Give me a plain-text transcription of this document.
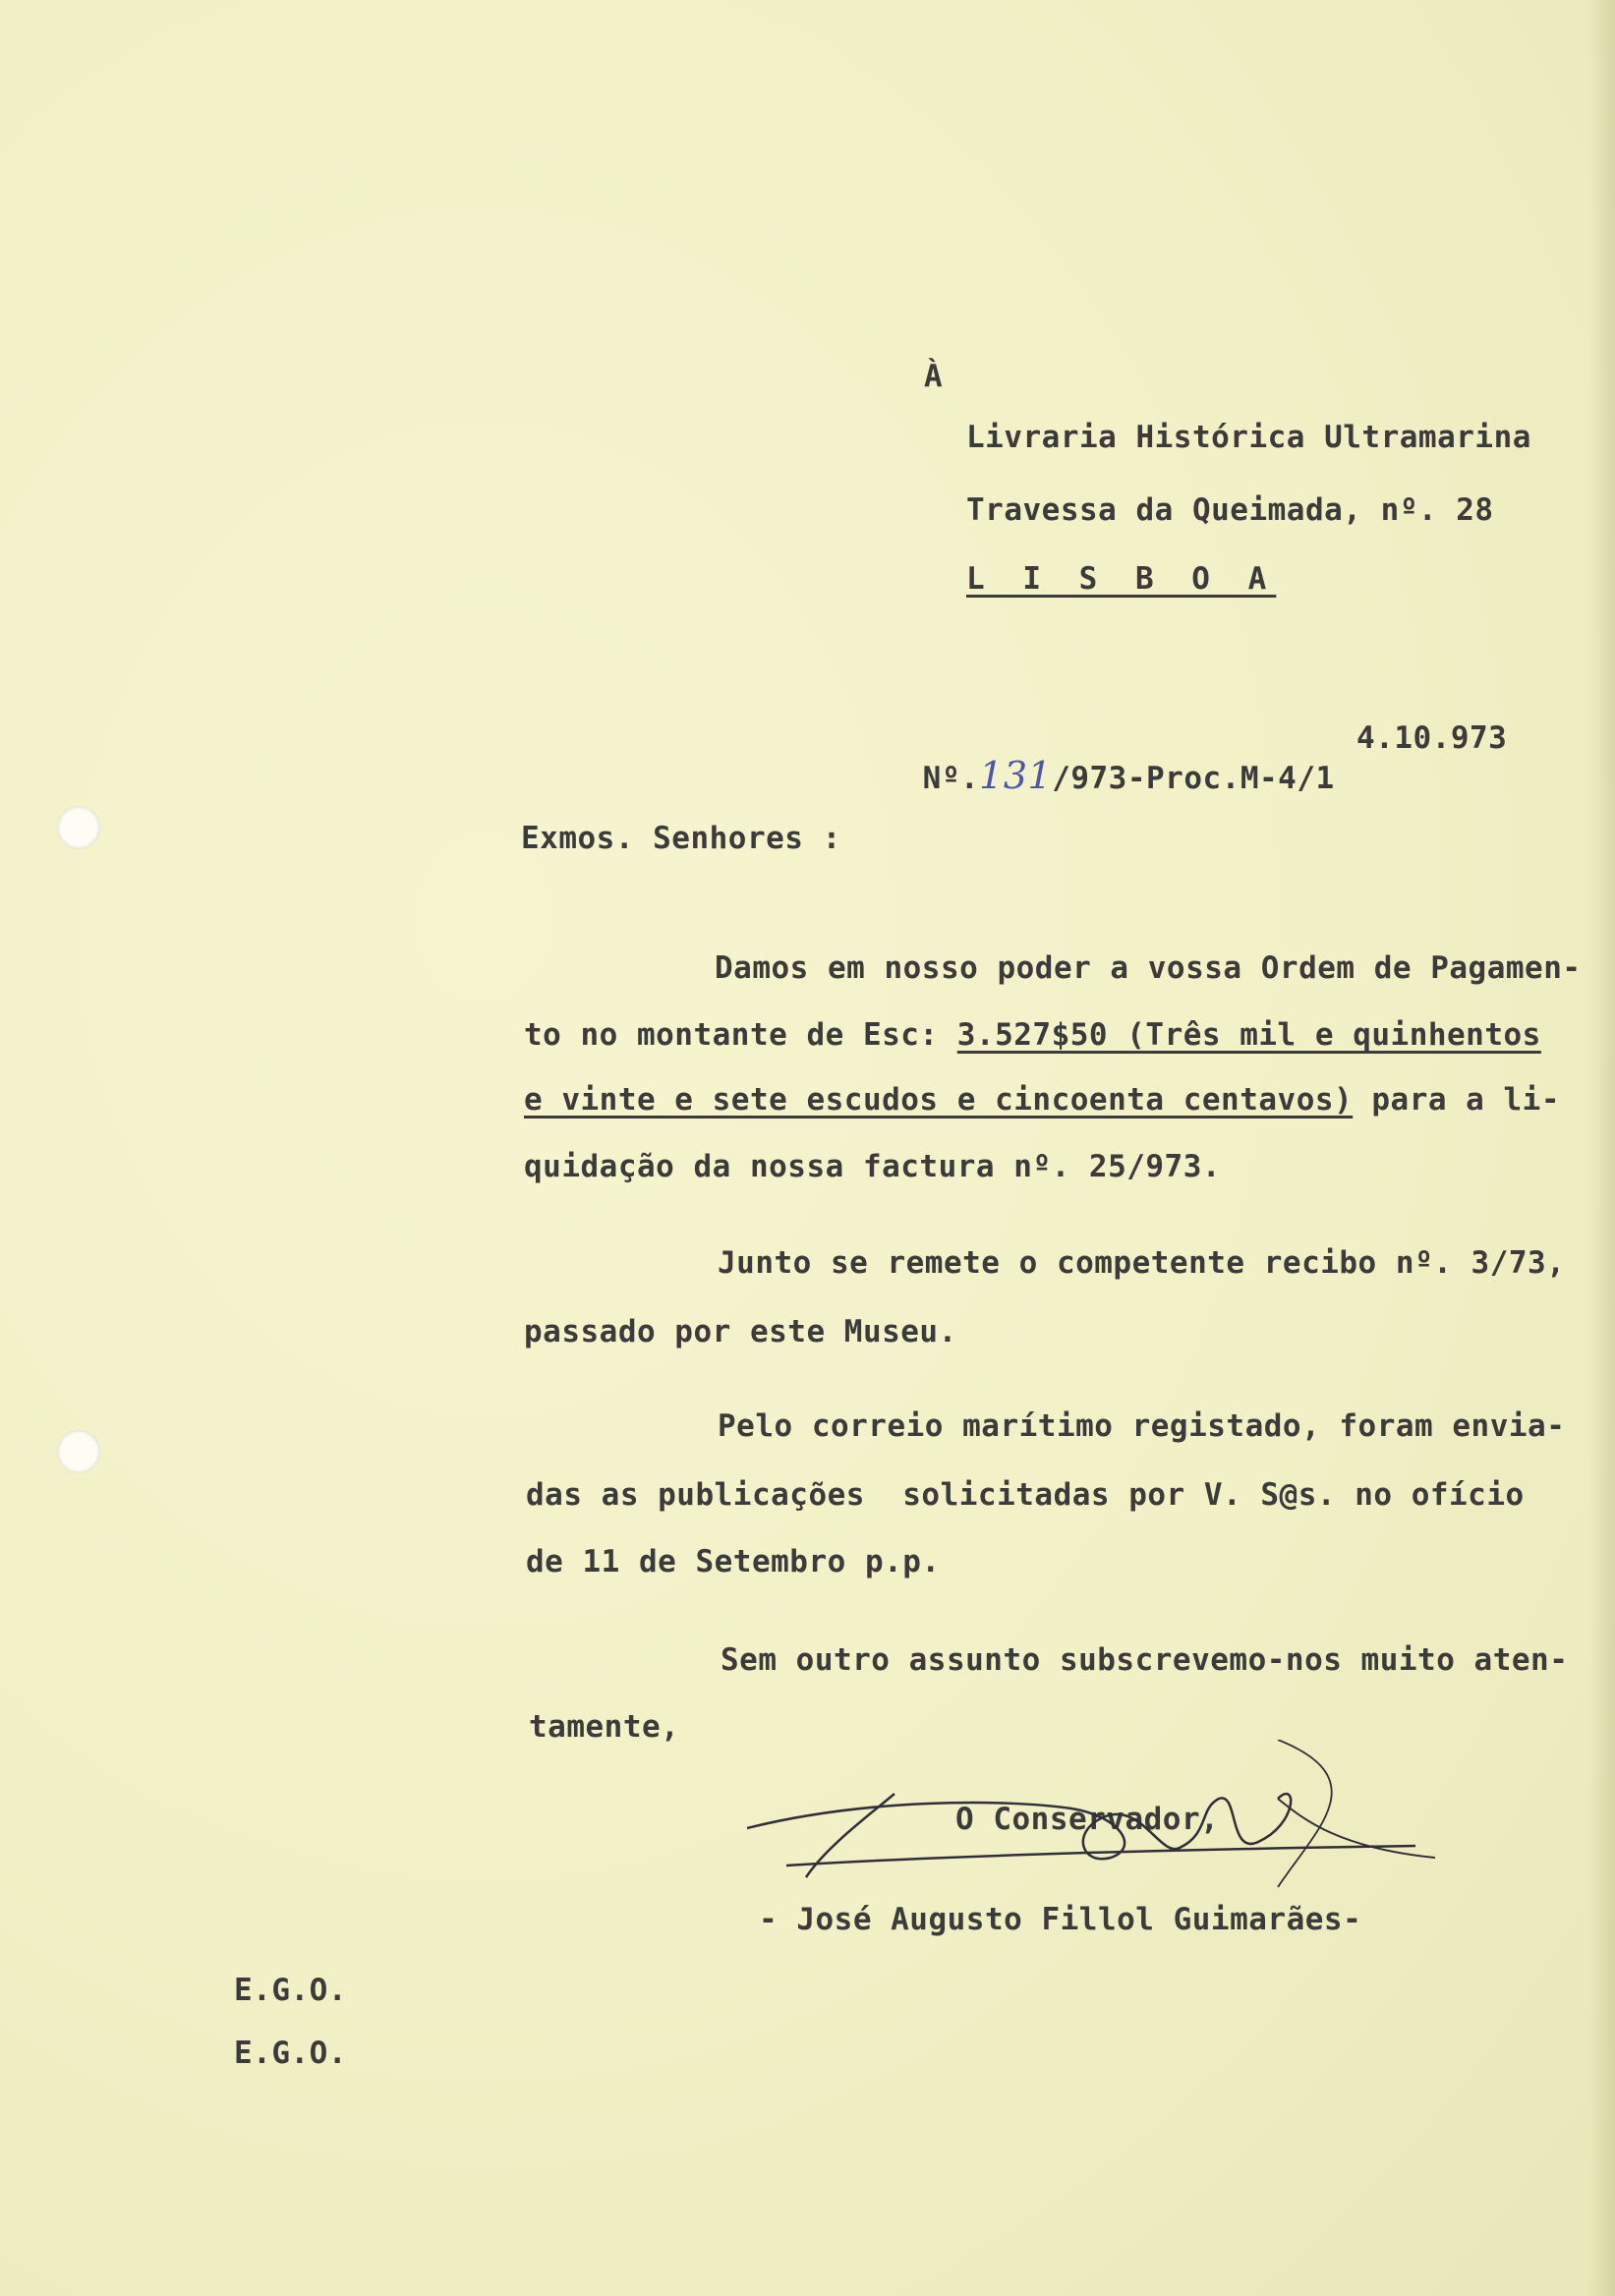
À
Livraria Histórica Ultramarina
Travessa da Queimada, nº. 28
L I S B O A

Nº.131/973-Proc.M-4/1

4.10.973
Exmos. Senhores :
Damos em nosso poder a vossa Ordem de Pagamen-
to no montante de Esc: 3.527$50 (Três mil e quinhentos
e vinte e sete escudos e cincoenta centavos) para a li-
quidação da nossa factura nº. 25/973.
Junto se remete o competente recibo nº. 3/73,
passado por este Museu.
Pelo correio marítimo registado, foram envia-
das as publicações  solicitadas por V. S@s. no ofício
de 11 de Setembro p.p.
Sem outro assunto subscrevemo-nos muito aten-
tamente,
O Conservador,
- José Augusto Fillol Guimarães-
E.G.O.
E.G.O.
